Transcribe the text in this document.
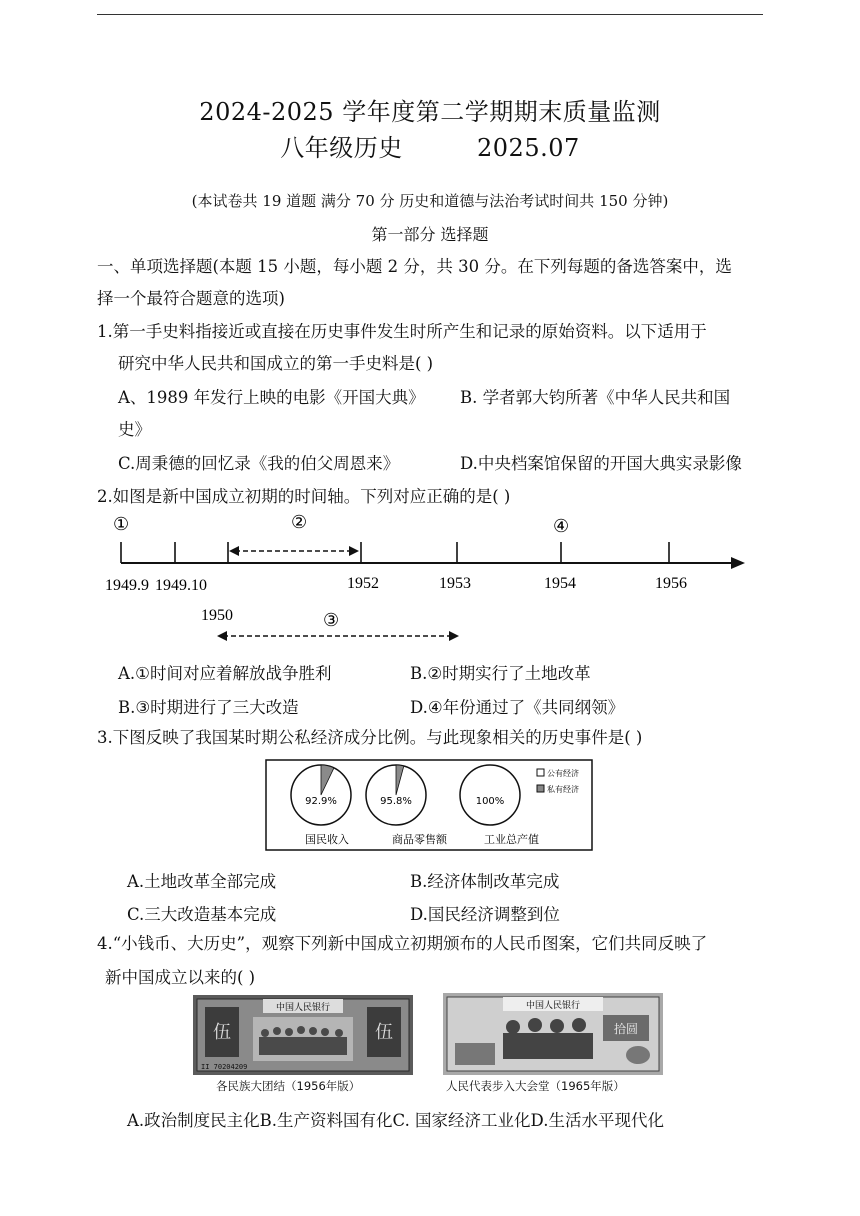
2024-2025 学年度第二学期期末质量监测
八年级历史	2025.07
(本试卷共 19 道题 满分 70 分 历史和道德与法治考试时间共 150 分钟)
第一部分 选择题
一、单项选择题(本题 15 小题，每小题 2 分，共 30 分。在下列每题的备选答案中，选
择一个最符合题意的选项)
1.第一手史料指接近或直接在历史事件发生时所产生和记录的原始资料。以下适用于
研究中华人民共和国成立的第一手史料是( )
A、1989 年发行上映的电影《开国大典》 B. 学者郭大钧所著《中华人民共和国
史》
C.周秉德的回忆录《我的伯父周恩来》	D.中央档案馆保留的开国大典实录影像
2.如图是新中国成立初期的时间轴。下列对应正确的是( )
①	②
③
④
1949.9 1949.10	1952	1953	1954	1956
1950
A.①时间对应着解放战争胜利	B.②时期实行了土地改革
B.③时期进行了三大改造	D.④年份通过了《共同纲领》
3.下图反映了我国某时期公私经济成分比例。与此现象相关的历史事件是( )
国民收入	商品零售额	工业总产值
92.9%	95.8%	100%
公有经济
私有经济
A.土地改革全部完成	B.经济体制改革完成
C.三大改造基本完成	D.国民经济调整到位
4.“小钱币、大历史”，观察下列新中国成立初期颁布的人民币图案，它们共同反映了
新中国成立以来的( )
伍	伍
中国人民银行
II 70204209
各民族大团结（1956年版）
中国人民银行
拾圆
人民代表步入大会堂（1965年版）
A.政治制度民主化B.生产资料国有化C. 国家经济工业化D.生活水平现代化
